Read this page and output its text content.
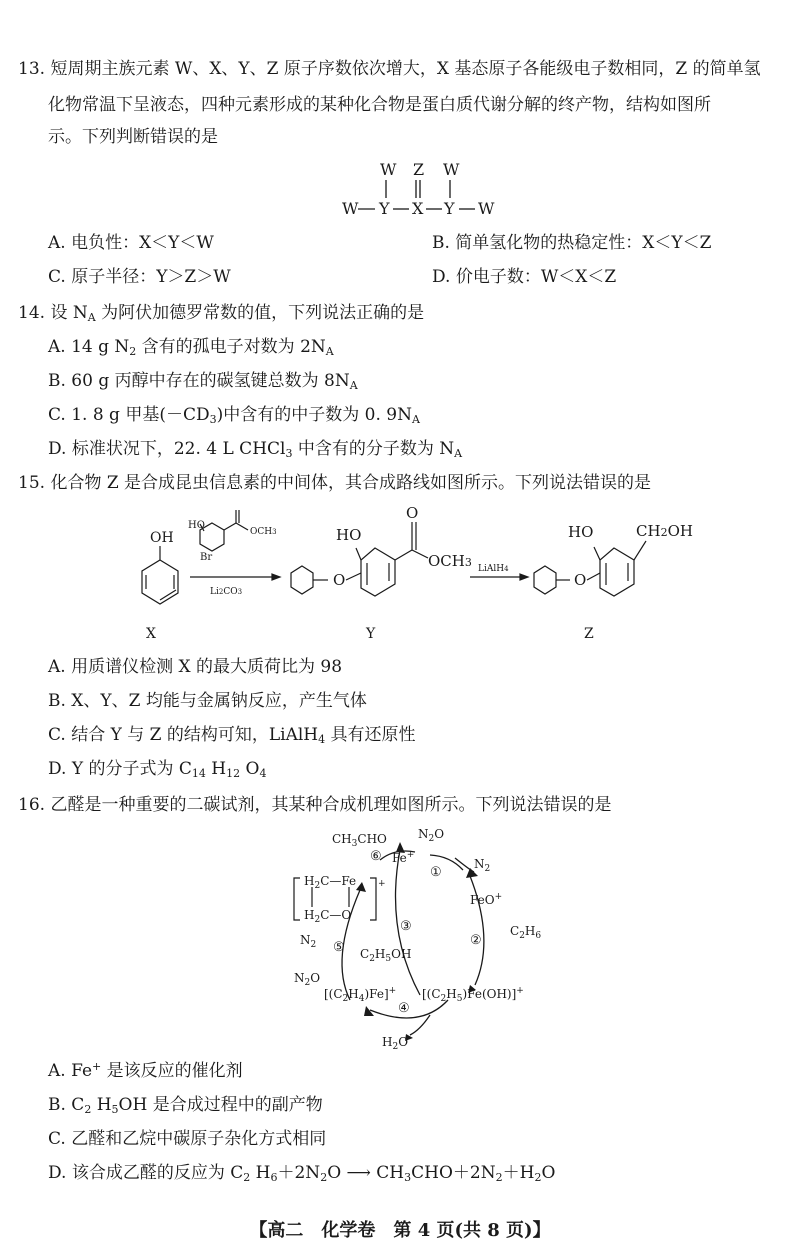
13. 短周期主族元素 W、X、Y、Z 原子序数依次增大，X 基态原子各能级电子数相同，Z 的简单氢
化物常温下呈液态，四种元素形成的某种化合物是蛋白质代谢分解的终产物，结构如图所
示。下列判断错误的是
W Z W
W Y X Y W
OH
X
HO
OCH3
Br
Li2CO3
O
HO
O
OCH3
Y
LiAlH4
O
HO	CH2OH
Z
$CH_3CHO$
Fe+
$N_2O$
$N_2$
FeO+
$C_2H_6$
$C_2H_5OH$
$N_2$
$N_2O$
$[(C_2H_4)Fe]^+$ $[(C_2H_5)Fe(OH)]^+$
$H_2O$
$H_2C—Fe$
$H_2C—O$
+
⑥
①
②
③
④
⑤
A. 电负性：X＜Y＜W	B. 简单氢化物的热稳定性：X＜Y＜Z
C. 原子半径：Y＞Z＞W	D. 价电子数：W＜X＜Z
14. 设 $N_A$ 为阿伏加德罗常数的值，下列说法正确的是
A. 14 g $N_2$ 含有的孤电子对数为 $2N_A$
B. 60 g 丙醇中存在的碳氢键总数为 $8N_A$
C. 1. 8 g 甲基$(-CD_3)$中含有的中子数为 0. $9N_A$
D. 标准状况下，22. 4 L CHCl$_3$ 中含有的分子数为 $N_A$
15. 化合物 Z 是合成昆虫信息素的中间体，其合成路线如图所示。下列说法错误的是
A. 用质谱仪检测 X 的最大质荷比为 98
B. X、Y、Z 均能与金属钠反应，产生气体
C. 结合 Y 与 Z 的结构可知，LiAlH$_4$ 具有还原性
D. Y 的分子式为 $C_{14}$ $H_{12}$ $O_4$
16. 乙醛是一种重要的二碳试剂，其某种合成机理如图所示。下列说法错误的是
A. Fe+ 是该反应的催化剂
B. $C_2$ $H_5OH$ 是合成过程中的副产物
C. 乙醛和乙烷中碳原子杂化方式相同
D. 该合成乙醛的反应为 $C_2$ $H_6+2N_2O$ ⟶ $CH_3CHO+2N_2+H_2O$
【高二　化学卷　第 4 页(共 8 页)】
